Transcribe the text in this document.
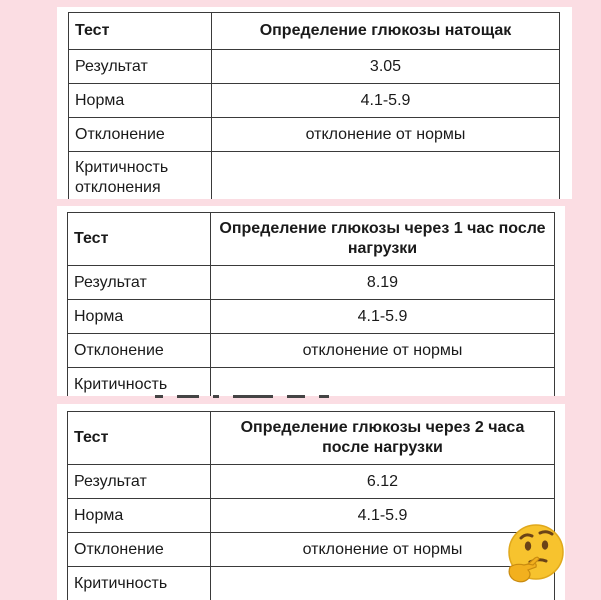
Тест	Определение глюкозы натощак
Результат	3.05
Норма	4.1-5.9
Отклонение	отклонение от нормы
Критичность отклонения	
Тест	Определение глюкозы через 1 час после нагрузки
Результат	8.19
Норма	4.1-5.9
Отклонение	отклонение от нормы
Критичность	
Тест	Определение глюкозы через 2 часа после нагрузки
Результат	6.12
Норма	4.1-5.9
Отклонение	отклонение от нормы
Критичность	
